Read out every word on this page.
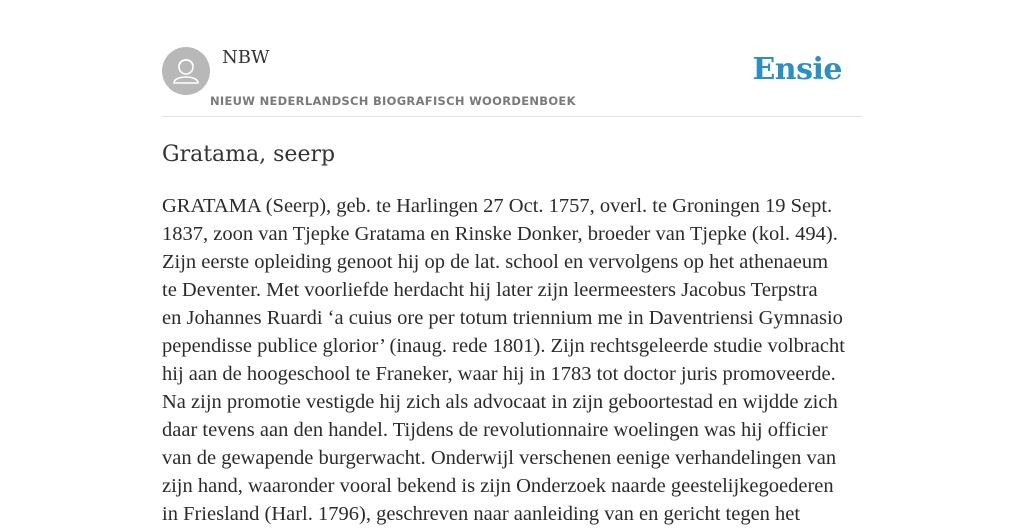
NBW
NIEUW NEDERLANDSCH BIOGRAFISCH WOORDENBOEK
Ensie
Gratama, seerp
GRATAMA (Seerp), geb. te Harlingen 27 Oct. 1757, overl. te Groningen 19 Sept.
1837, zoon van Tjepke Gratama en Rinske Donker, broeder van Tjepke (kol. 494).
Zijn eerste opleiding genoot hij op de lat. school en vervolgens op het athenaeum
te Deventer. Met voorliefde herdacht hij later zijn leermeesters Jacobus Terpstra
en Johannes Ruardi ‘a cuius ore per totum triennium me in Daventriensi Gymnasio
pependisse publice glorior’ (inaug. rede 1801). Zijn rechtsgeleerde studie volbracht
hij aan de hoogeschool te Franeker, waar hij in 1783 tot doctor juris promoveerde.
Na zijn promotie vestigde hij zich als advocaat in zijn geboortestad en wijdde zich
daar tevens aan den handel. Tijdens de revolutionnaire woelingen was hij officier
van de gewapende burgerwacht. Onderwijl verschenen eenige verhandelingen van
zijn hand, waaronder vooral bekend is zijn Onderzoek naarde geestelijkegoederen
in Friesland (Harl. 1796), geschreven naar aanleiding van en gericht tegen het
